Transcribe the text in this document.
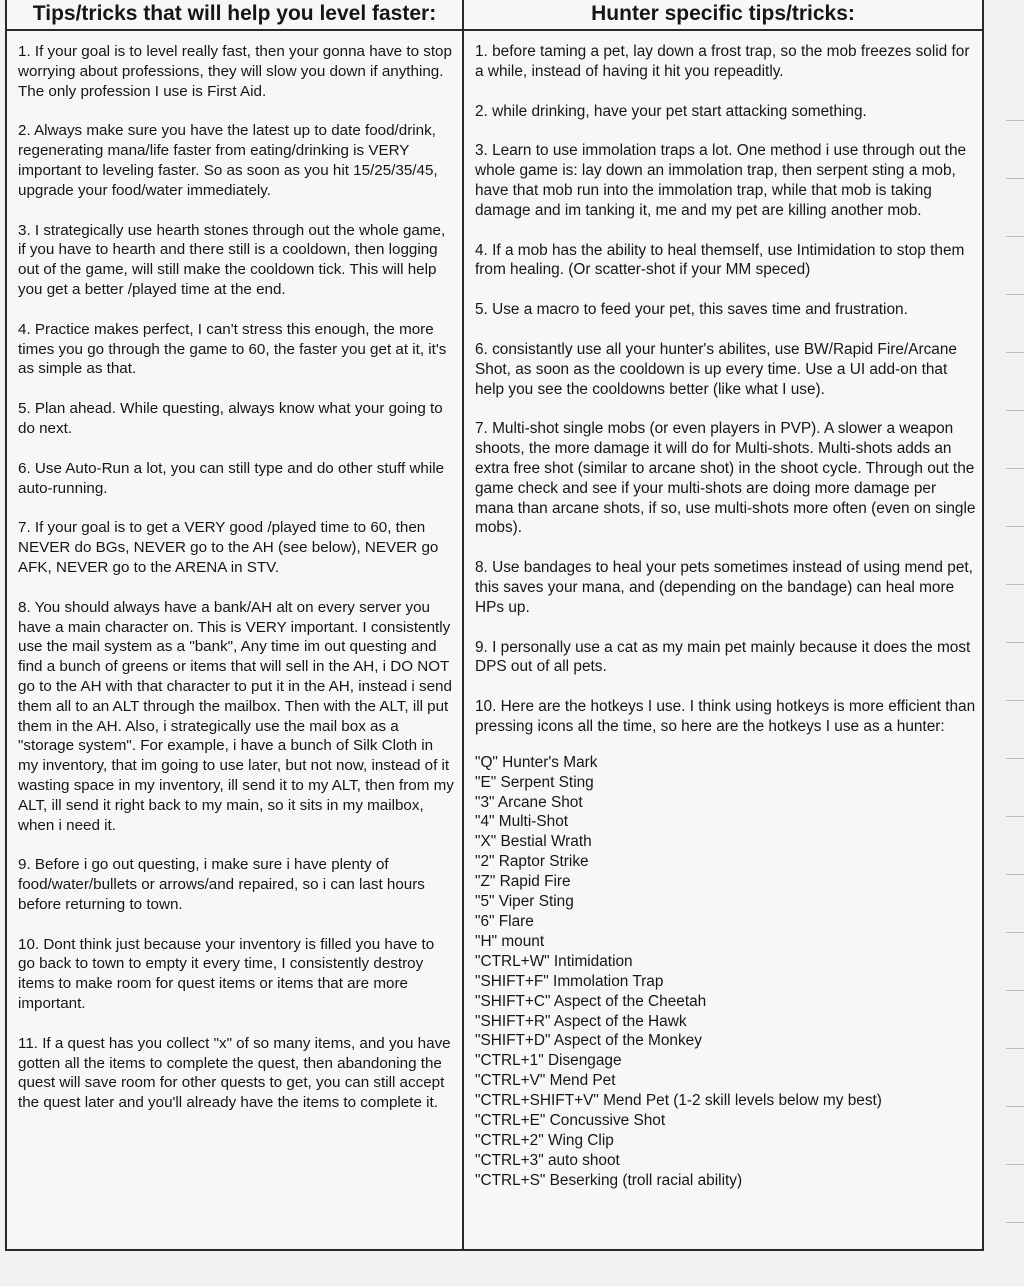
Tips/tricks that will help you level faster:

1. If your goal is to level really fast, then your gonna have to stop worrying about professions, they will slow you down if anything. The only profession I use is First Aid.

2. Always make sure you have the latest up to date food/drink, regenerating mana/life faster from eating/drinking is VERY important to leveling faster. So as soon as you hit 15/25/35/45, upgrade your food/water immediately.

3. I strategically use hearth stones through out the whole game, if you have to hearth and there still is a cooldown, then logging out of the game, will still make the cooldown tick. This will help you get a better /played time at the end.

4. Practice makes perfect, I can't stress this enough, the more times you go through the game to 60, the faster you get at it, it's as simple as that.

5. Plan ahead. While questing, always know what your going to do next.

6. Use Auto-Run a lot, you can still type and do other stuff while auto-running.

7. If your goal is to get a VERY good /played time to 60, then NEVER do BGs, NEVER go to the AH (see below), NEVER go AFK, NEVER go to the ARENA in STV.

8. You should always have a bank/AH alt on every server you have a main character on. This is VERY important. I consistently use the mail system as a "bank", Any time im out questing and find a bunch of greens or items that will sell in the AH, i DO NOT go to the AH with that character to put it in the AH, instead i send them all to an ALT through the mailbox. Then with the ALT, ill put them in the AH. Also, i strategically use the mail box as a "storage system". For example, i have a bunch of Silk Cloth in my inventory, that im going to use later, but not now, instead of it wasting space in my inventory, ill send it to my ALT, then from my ALT, ill send it right back to my main, so it sits in my mailbox, when i need it.

9. Before i go out questing, i make sure i have plenty of food/water/bullets or arrows/and repaired, so i can last hours before returning to town.

10. Dont think just because your inventory is filled you have to go back to town to empty it every time, I consistently destroy items to make room for quest items or items that are more important.

11. If a quest has you collect "x" of so many items, and you have gotten all the items to complete the quest, then abandoning the quest will save room for other quests to get, you can still accept the quest later and you'll already have the items to complete it.

Hunter specific tips/tricks:

1. before taming a pet, lay down a frost trap, so the mob freezes solid for a while, instead of having it hit you repeaditly.

2. while drinking, have your pet start attacking something.

3. Learn to use immolation traps a lot. One method i use through out the whole game is: lay down an immolation trap, then serpent sting a mob, have that mob run into the immolation trap, while that mob is taking damage and im tanking it, me and my pet are killing another mob.

4. If a mob has the ability to heal themself, use Intimidation to stop them from healing. (Or scatter-shot if your MM speced)

5. Use a macro to feed your pet, this saves time and frustration.

6. consistantly use all your hunter's abilites, use BW/Rapid Fire/Arcane Shot, as soon as the cooldown is up every time. Use a UI add-on that help you see the cooldowns better (like what I use).

7. Multi-shot single mobs (or even players in PVP). A slower a weapon shoots, the more damage it will do for Multi-shots. Multi-shots adds an extra free shot (similar to arcane shot) in the shoot cycle. Through out the game check and see if your multi-shots are doing more damage per mana than arcane shots, if so, use multi-shots more often (even on single mobs).

8. Use bandages to heal your pets sometimes instead of using mend pet, this saves your mana, and (depending on the bandage) can heal more HPs up.

9. I personally use a cat as my main pet mainly because it does the most DPS out of all pets.

10. Here are the hotkeys I use. I think using hotkeys is more efficient than pressing icons all the time, so here are the hotkeys I use as a hunter:

"Q" Hunter's Mark
"E" Serpent Sting
"3" Arcane Shot
"4" Multi-Shot
"X" Bestial Wrath
"2" Raptor Strike
"Z" Rapid Fire
"5" Viper Sting
"6" Flare
"H" mount
"CTRL+W" Intimidation
"SHIFT+F" Immolation Trap
"SHIFT+C" Aspect of the Cheetah
"SHIFT+R" Aspect of the Hawk
"SHIFT+D" Aspect of the Monkey
"CTRL+1" Disengage
"CTRL+V" Mend Pet
"CTRL+SHIFT+V" Mend Pet (1-2 skill levels below my best)
"CTRL+E" Concussive Shot
"CTRL+2" Wing Clip
"CTRL+3" auto shoot
"CTRL+S" Beserking (troll racial ability)
